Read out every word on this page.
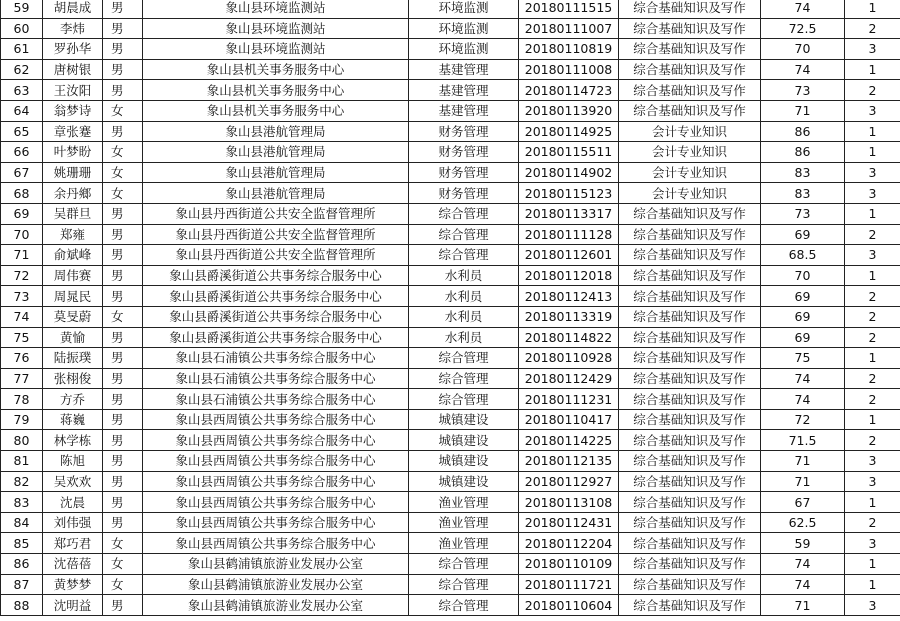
59	胡晨成	男	象山县环境监测站	环境监测	20180111515	综合基础知识及写作	74	1
60	李炜	男	象山县环境监测站	环境监测	20180111007	综合基础知识及写作	72.5	2
61	罗孙华	男	象山县环境监测站	环境监测	20180110819	综合基础知识及写作	70	3
62	唐树银	男	象山县机关事务服务中心	基建管理	20180111008	综合基础知识及写作	74	1
63	王汝阳	男	象山县机关事务服务中心	基建管理	20180114723	综合基础知识及写作	73	2
64	翁梦诗	女	象山县机关事务服务中心	基建管理	20180113920	综合基础知识及写作	71	3
65	章张蹇	男	象山县港航管理局	财务管理	20180114925	会计专业知识	86	1
66	叶梦盼	女	象山县港航管理局	财务管理	20180115511	会计专业知识	86	1
67	姚珊珊	女	象山县港航管理局	财务管理	20180114902	会计专业知识	83	3
68	余丹鄉	女	象山县港航管理局	财务管理	20180115123	会计专业知识	83	3
69	吴群旦	男	象山县丹西街道公共安全监督管理所	综合管理	20180113317	综合基础知识及写作	73	1
70	郑雍	男	象山县丹西街道公共安全监督管理所	综合管理	20180111128	综合基础知识及写作	69	2
71	俞斌峰	男	象山县丹西街道公共安全监督管理所	综合管理	20180112601	综合基础知识及写作	68.5	3
72	周伟赛	男	象山县爵溪街道公共事务综合服务中心	水利员	20180112018	综合基础知识及写作	70	1
73	周晁民	男	象山县爵溪街道公共事务综合服务中心	水利员	20180112413	综合基础知识及写作	69	2
74	莫旻蔚	女	象山县爵溪街道公共事务综合服务中心	水利员	20180113319	综合基础知识及写作	69	2
75	黄愉	男	象山县爵溪街道公共事务综合服务中心	水利员	20180114822	综合基础知识及写作	69	2
76	陆振璞	男	象山县石浦镇公共事务综合服务中心	综合管理	20180110928	综合基础知识及写作	75	1
77	张栩俊	男	象山县石浦镇公共事务综合服务中心	综合管理	20180112429	综合基础知识及写作	74	2
78	方乔	男	象山县石浦镇公共事务综合服务中心	综合管理	20180111231	综合基础知识及写作	74	2
79	蒋巍	男	象山县西周镇公共事务综合服务中心	城镇建设	20180110417	综合基础知识及写作	72	1
80	林学栋	男	象山县西周镇公共事务综合服务中心	城镇建设	20180114225	综合基础知识及写作	71.5	2
81	陈旭	男	象山县西周镇公共事务综合服务中心	城镇建设	20180112135	综合基础知识及写作	71	3
82	吴欢欢	男	象山县西周镇公共事务综合服务中心	城镇建设	20180112927	综合基础知识及写作	71	3
83	沈晨	男	象山县西周镇公共事务综合服务中心	渔业管理	20180113108	综合基础知识及写作	67	1
84	刘伟强	男	象山县西周镇公共事务综合服务中心	渔业管理	20180112431	综合基础知识及写作	62.5	2
85	郑巧君	女	象山县西周镇公共事务综合服务中心	渔业管理	20180112204	综合基础知识及写作	59	3
86	沈蓓蓓	女	象山县鹤浦镇旅游业发展办公室	综合管理	20180110109	综合基础知识及写作	74	1
87	黄梦梦	女	象山县鹤浦镇旅游业发展办公室	综合管理	20180111721	综合基础知识及写作	74	1
88	沈明益	男	象山县鹤浦镇旅游业发展办公室	综合管理	20180110604	综合基础知识及写作	71	3
